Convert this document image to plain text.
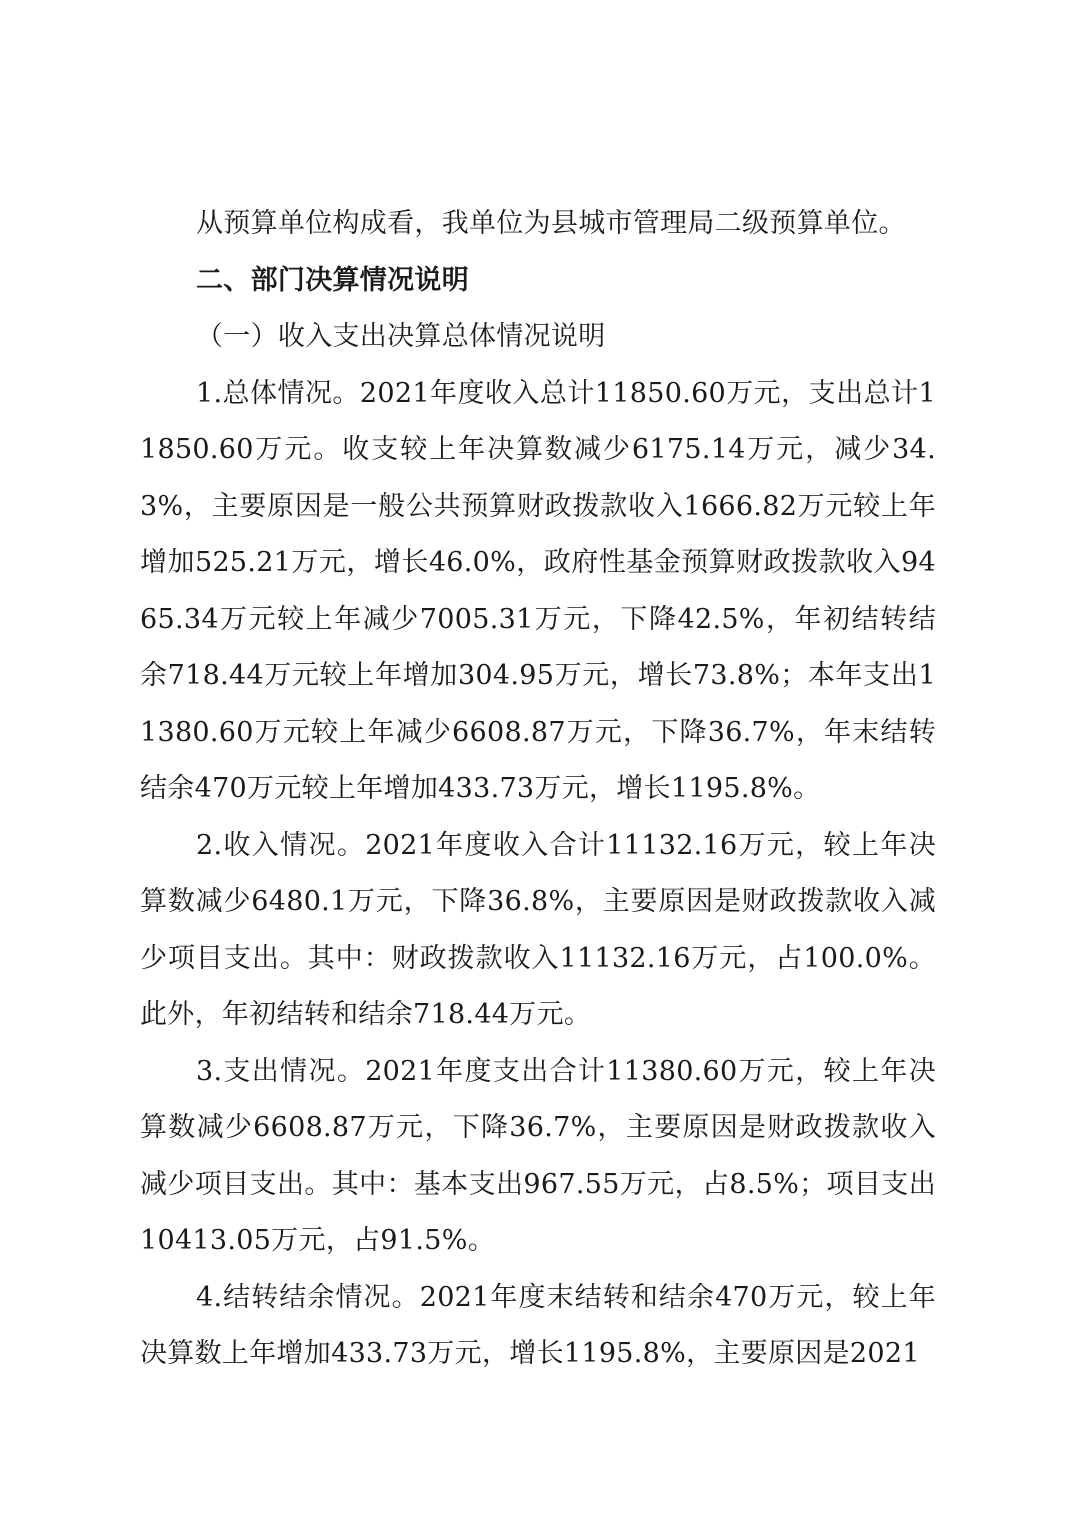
从预算单位构成看，我单位为县城市管理局二级预算单位。

二、部门决算情况说明

（一）收入支出决算总体情况说明

1.总体情况。2021年度收入总计11850.60万元，支出总计11850.60万元。收支较上年决算数减少6175.14万元，减少34.3%，主要原因是一般公共预算财政拨款收入1666.82万元较上年增加525.21万元，增长46.0%，政府性基金预算财政拨款收入9465.34万元较上年减少7005.31万元，下降42.5%，年初结转结余718.44万元较上年增加304.95万元，增长73.8%；本年支出11380.60万元较上年减少6608.87万元，下降36.7%，年末结转结余470万元较上年增加433.73万元，增长1195.8%。

2.收入情况。2021年度收入合计11132.16万元，较上年决算数减少6480.1万元，下降36.8%，主要原因是财政拨款收入减少项目支出。其中：财政拨款收入11132.16万元，占100.0%。此外，年初结转和结余718.44万元。

3.支出情况。2021年度支出合计11380.60万元，较上年决算数减少6608.87万元，下降36.7%，主要原因是财政拨款收入减少项目支出。其中：基本支出967.55万元，占8.5%；项目支出10413.05万元，占91.5%。

4.结转结余情况。2021年度末结转和结余470万元，较上年决算数上年增加433.73万元，增长1195.8%，主要原因是2021
